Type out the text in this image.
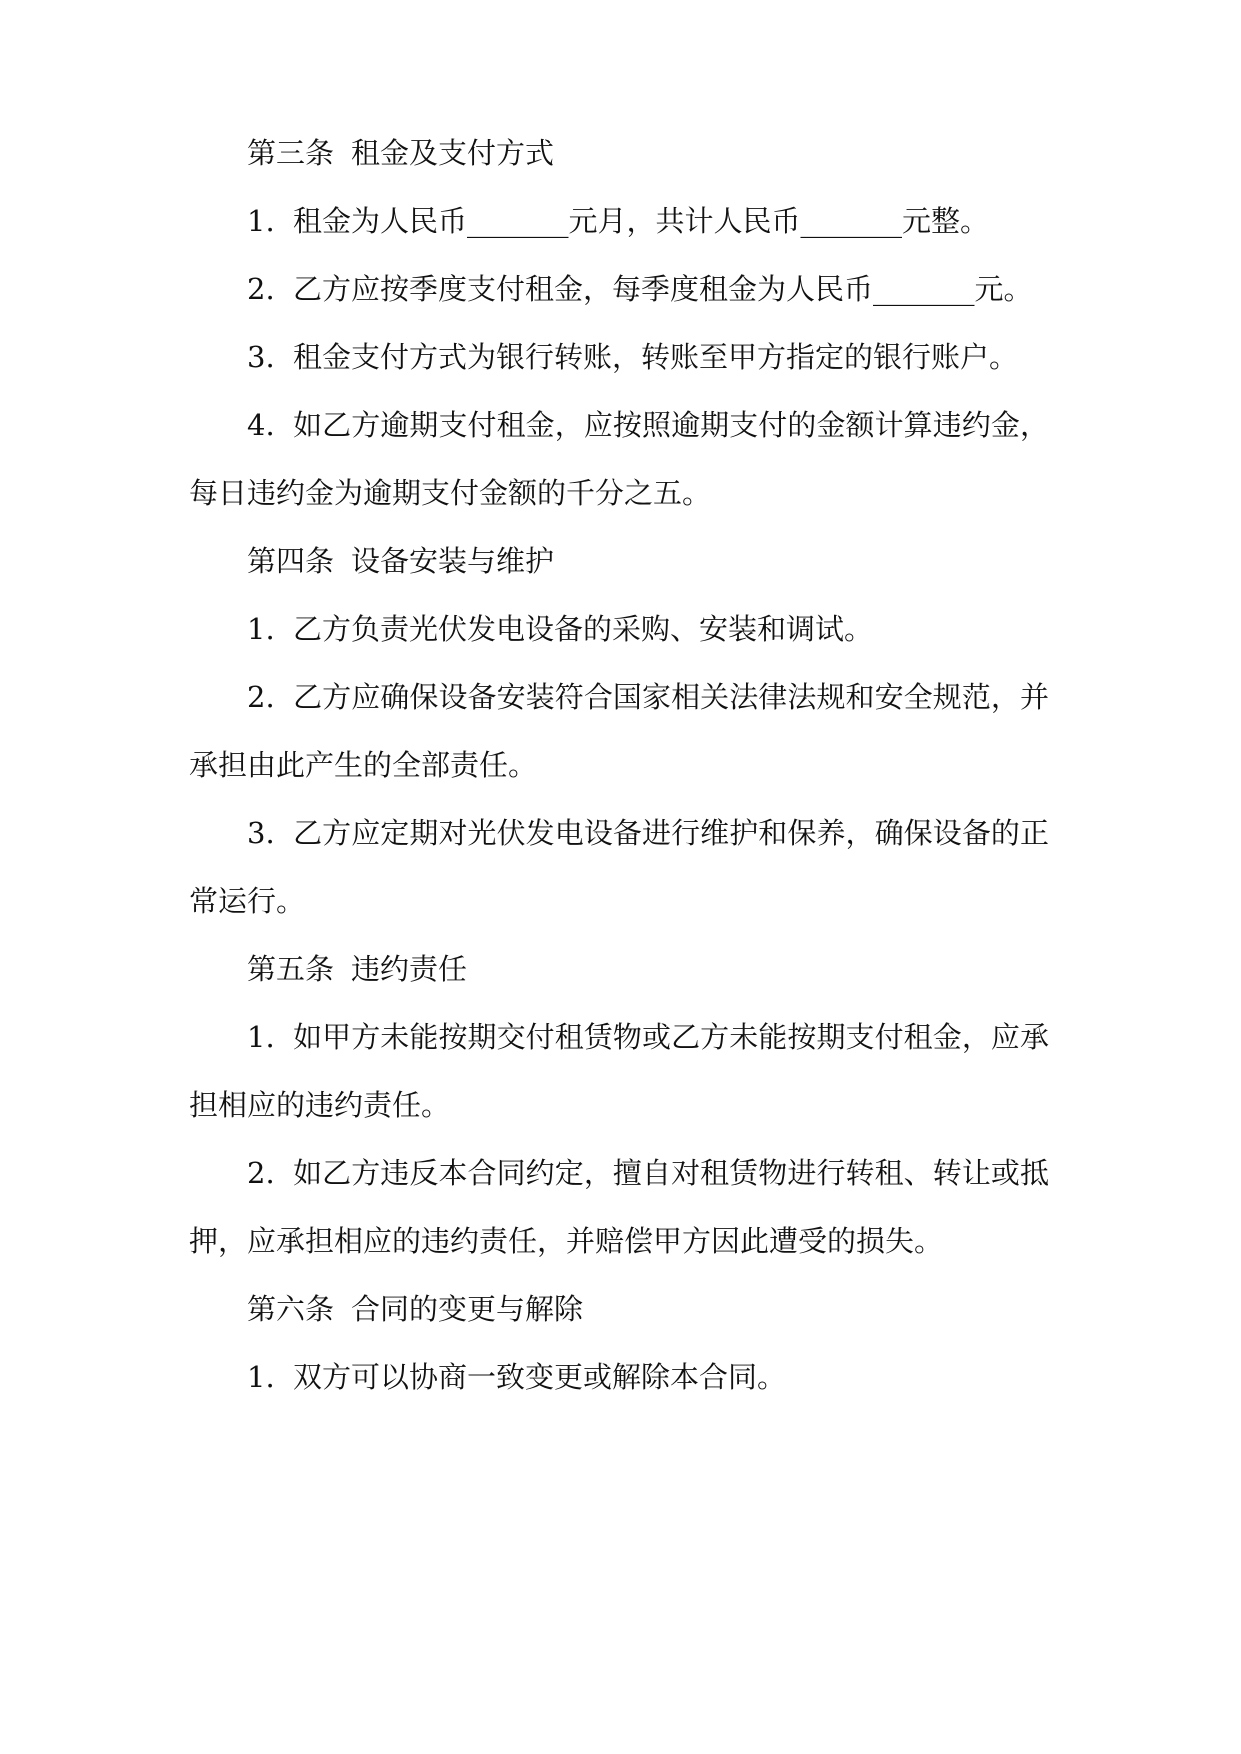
第三条 租金及支付方式
1. 租金为人民币_______元月，共计人民币_______元整。
2. 乙方应按季度支付租金，每季度租金为人民币_______元。
3. 租金支付方式为银行转账，转账至甲方指定的银行账户。
4. 如乙方逾期支付租金，应按照逾期支付的金额计算违约金，
每日违约金为逾期支付金额的千分之五。
第四条 设备安装与维护
1. 乙方负责光伏发电设备的采购、安装和调试。
2. 乙方应确保设备安装符合国家相关法律法规和安全规范，并
承担由此产生的全部责任。
3. 乙方应定期对光伏发电设备进行维护和保养，确保设备的正
常运行。
第五条 违约责任
1. 如甲方未能按期交付租赁物或乙方未能按期支付租金，应承
担相应的违约责任。
2. 如乙方违反本合同约定，擅自对租赁物进行转租、转让或抵
押，应承担相应的违约责任，并赔偿甲方因此遭受的损失。
第六条 合同的变更与解除
1. 双方可以协商一致变更或解除本合同。
